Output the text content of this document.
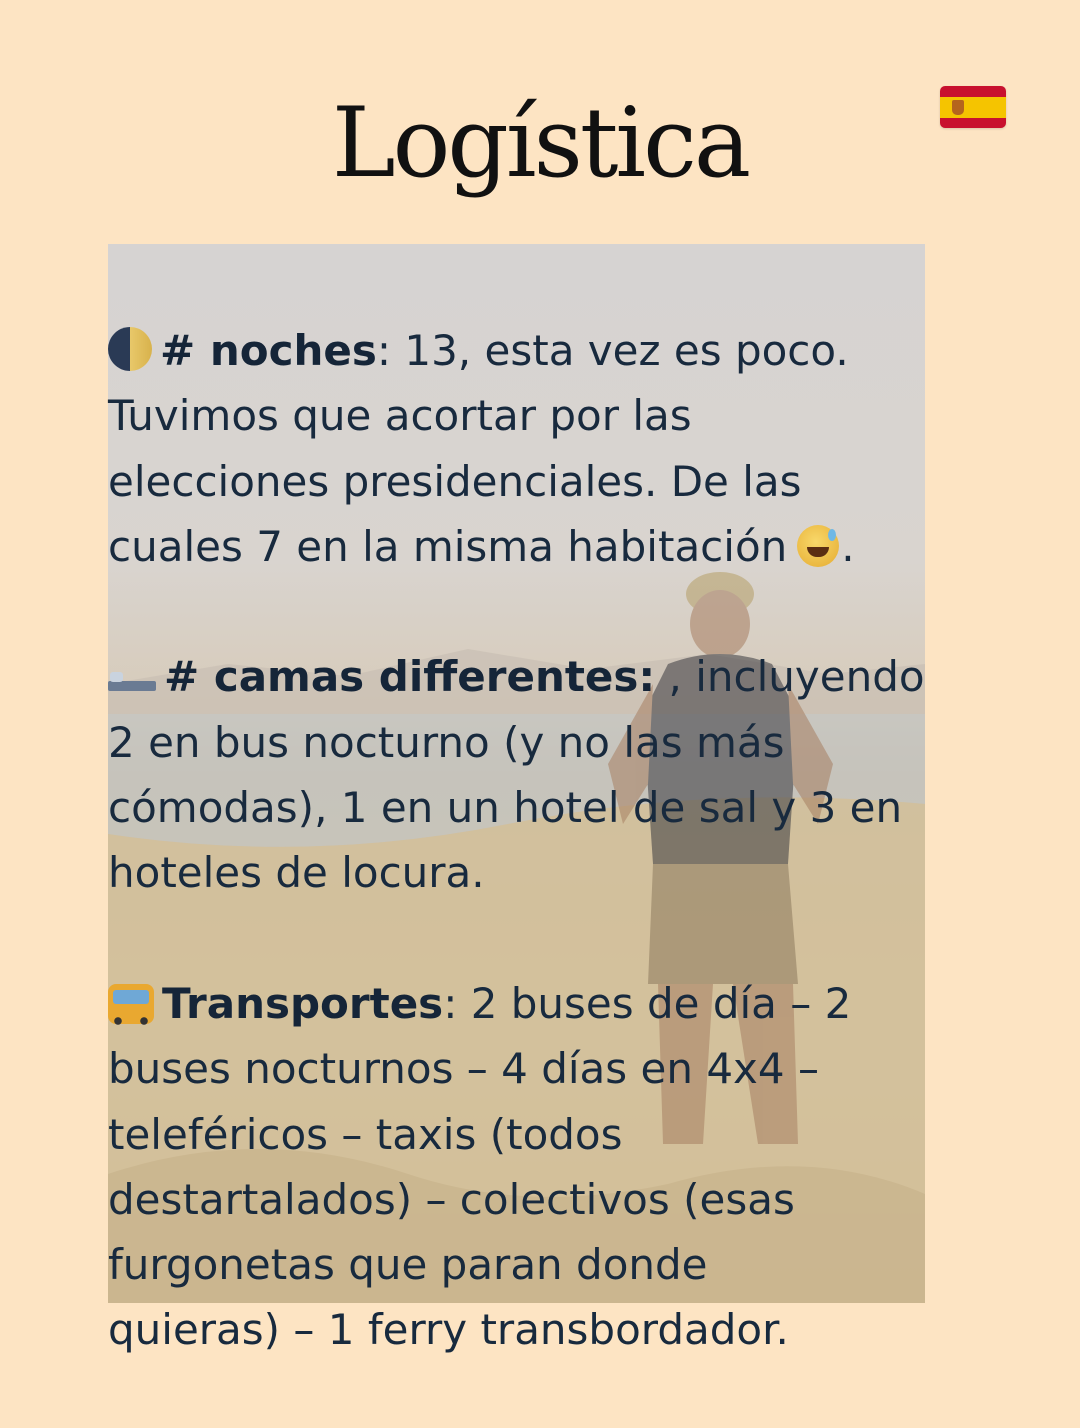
Logística
# noches: 13, esta vez es poco.
Tuvimos que acortar por las
elecciones presidenciales. De las
cuales 7 en la misma habitación .
# camas differentes: , incluyendo
2 en bus nocturno (y no las más
cómodas), 1 en un hotel de sal y 3 en
hoteles de locura.
Transportes: 2 buses de día – 2
buses nocturnos – 4 días en 4x4 –
teleféricos – taxis (todos
destartalados) – colectivos (esas
furgonetas que paran donde
quieras) – 1 ferry transbordador.
